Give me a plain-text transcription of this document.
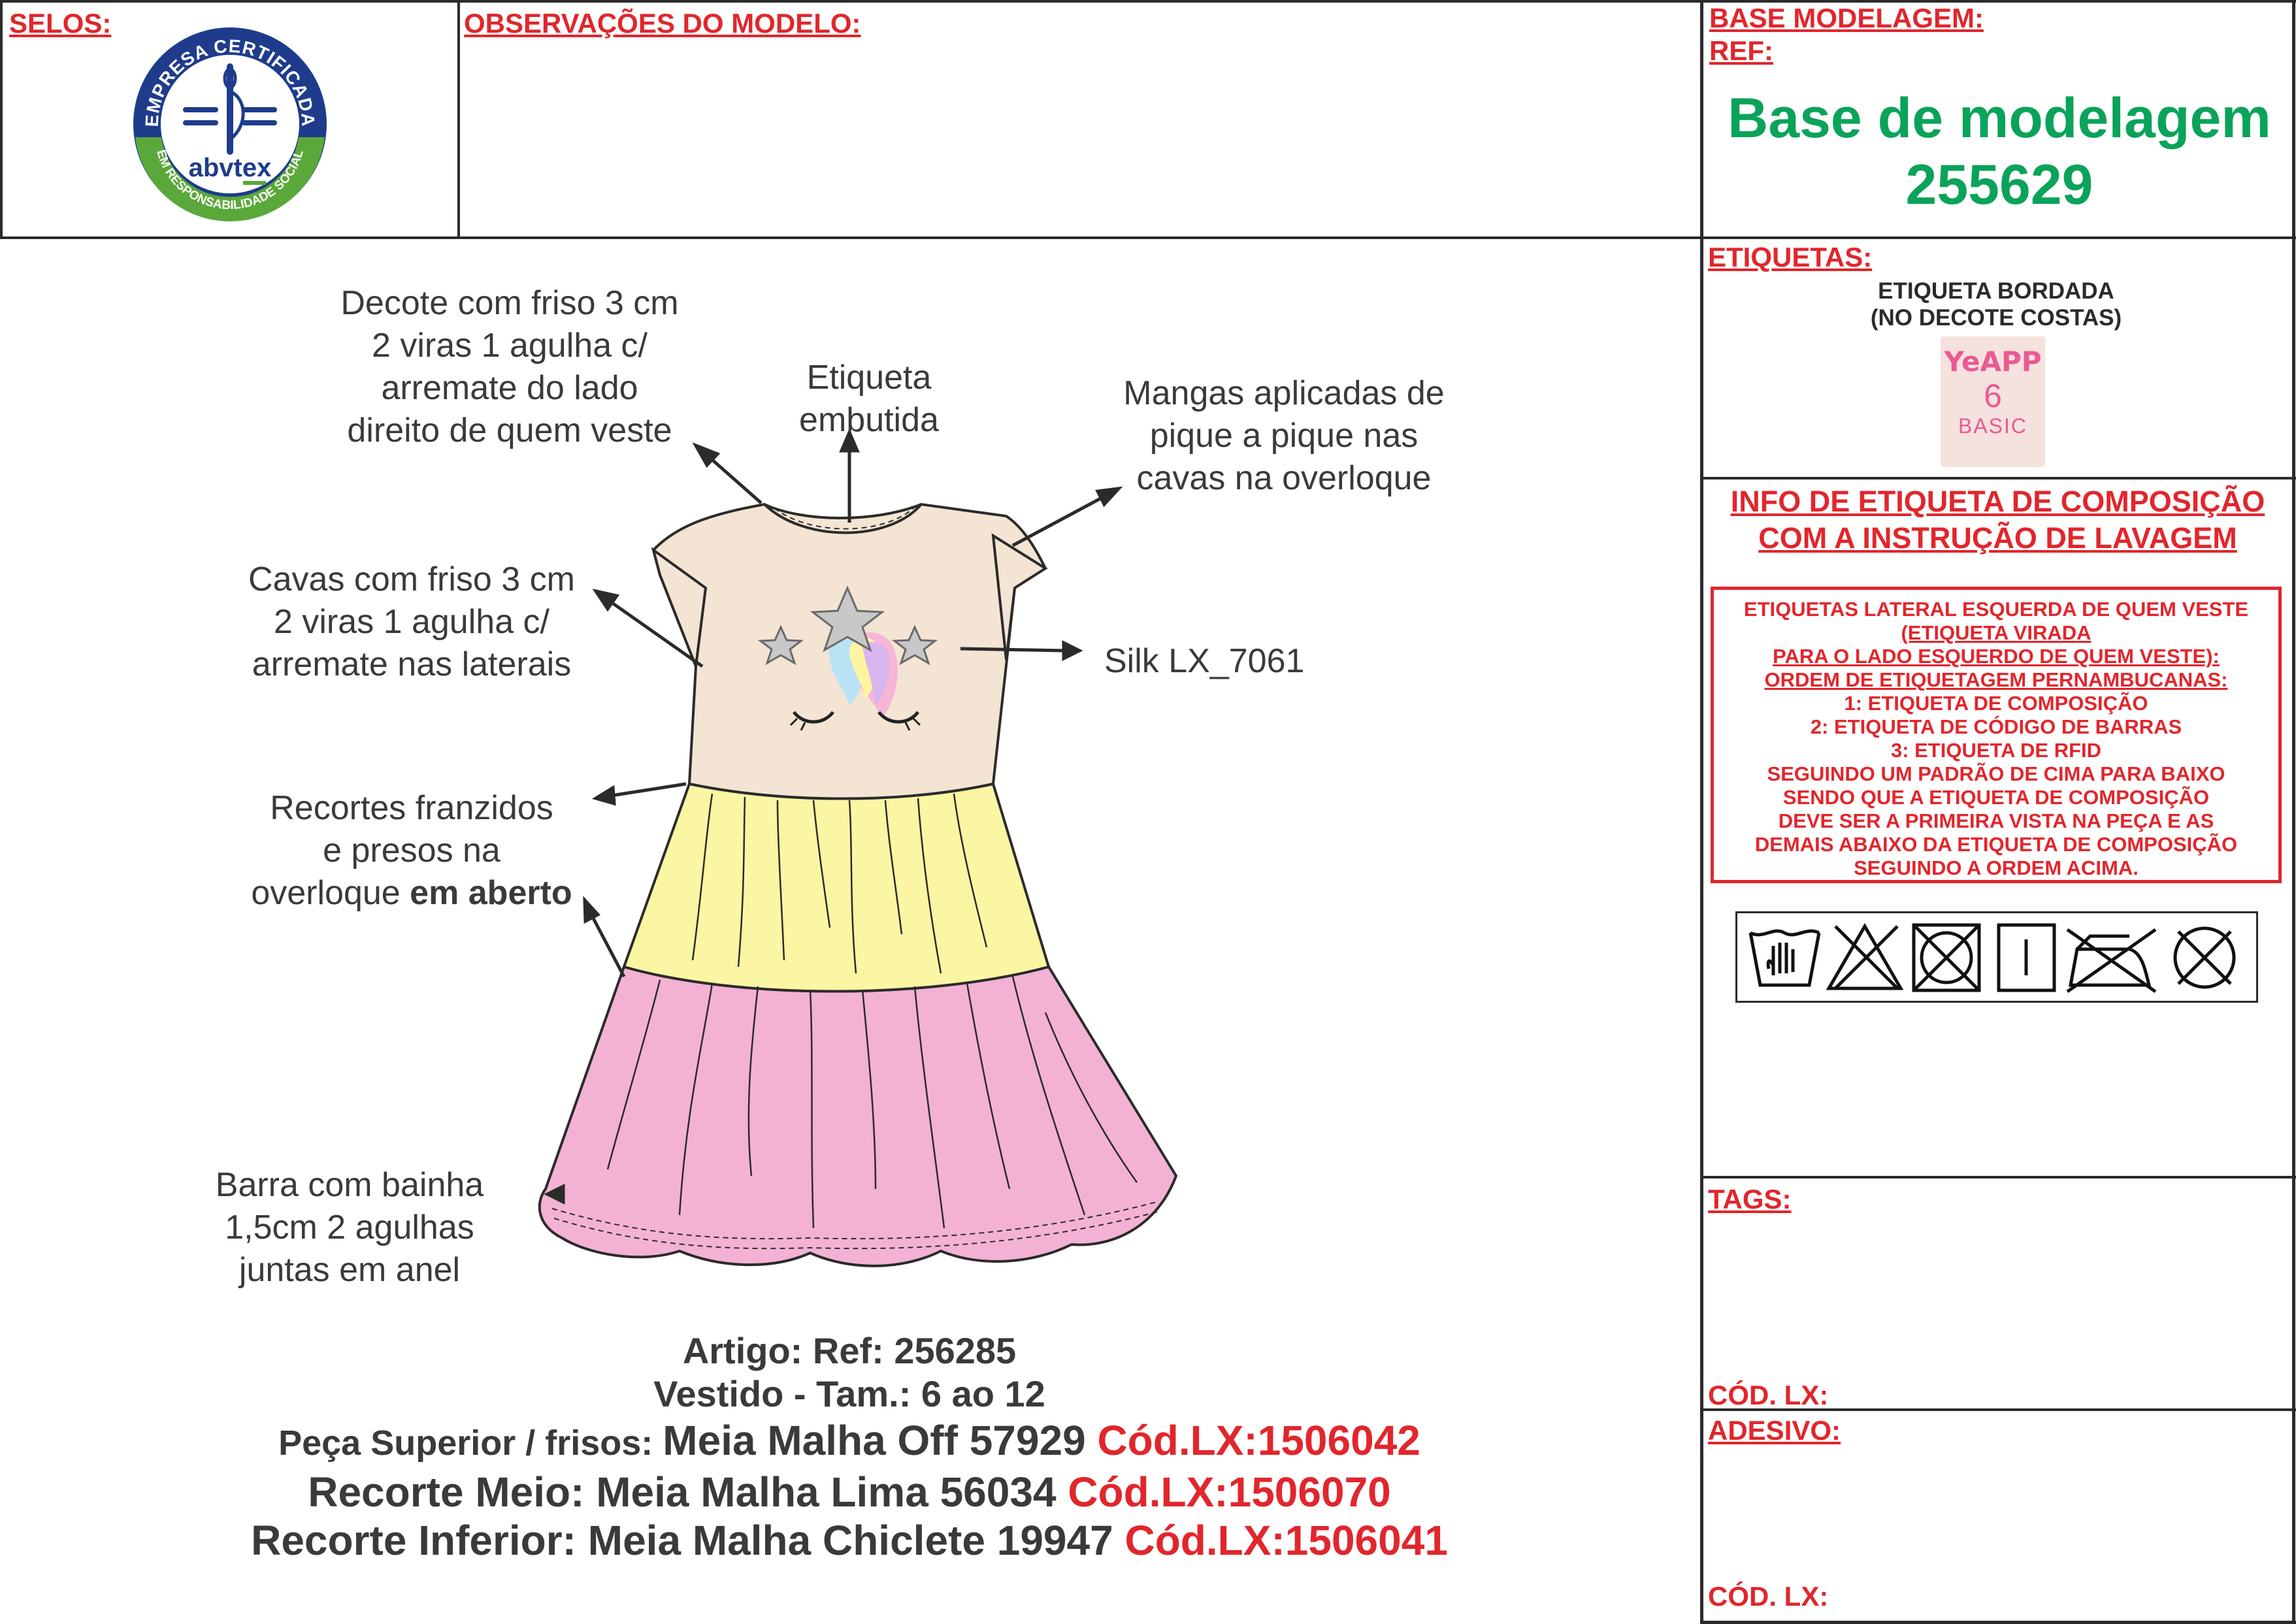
SELOS:
EMPRESA CERTIFICADA
EM RESPONSABILIDADE SOCIAL
abvtex
OBSERVAÇÕES DO MODELO:	BASE MODELAGEM:
REF:
Base de modelagem
255629
Decote com friso 3 cm
2 viras 1 agulha c/
arremate do lado
direito de quem veste
Etiqueta
embutida
Mangas aplicadas de
pique a pique nas
cavas na overloque
Cavas com friso 3 cm
2 viras 1 agulha c/
arremate nas laterais	Silk LX_7061
Recortes franzidos
e presos na
overloque em aberto
Barra com bainha
1,5cm 2 agulhas
juntas em anel
Artigo: Ref: 256285
Vestido - Tam.: 6 ao 12
Peça Superior / frisos: Meia Malha Off 57929 Cód.LX:1506042
Recorte Meio: Meia Malha Lima 56034 Cód.LX:1506070
Recorte Inferior: Meia Malha Chiclete 19947 Cód.LX:1506041
ETIQUETAS:
ETIQUETA BORDADA
(NO DECOTE COSTAS)
YeAPP
6
BASIC
INFO DE ETIQUETA DE COMPOSIÇÃO
COM A INSTRUÇÃO DE LAVAGEM
ETIQUETAS LATERAL ESQUERDA DE QUEM VESTE
(ETIQUETA VIRADA
PARA O LADO ESQUERDO DE QUEM VESTE):
ORDEM DE ETIQUETAGEM PERNAMBUCANAS:
1: ETIQUETA DE COMPOSIÇÃO
2: ETIQUETA DE CÓDIGO DE BARRAS
3: ETIQUETA DE RFID
SEGUINDO UM PADRÃO DE CIMA PARA BAIXO
SENDO QUE A ETIQUETA DE COMPOSIÇÃO
DEVE SER A PRIMEIRA VISTA NA PEÇA E AS
DEMAIS ABAIXO DA ETIQUETA DE COMPOSIÇÃO
SEGUINDO A ORDEM ACIMA.
TAGS:
CÓD. LX:
ADESIVO:
CÓD. LX:
